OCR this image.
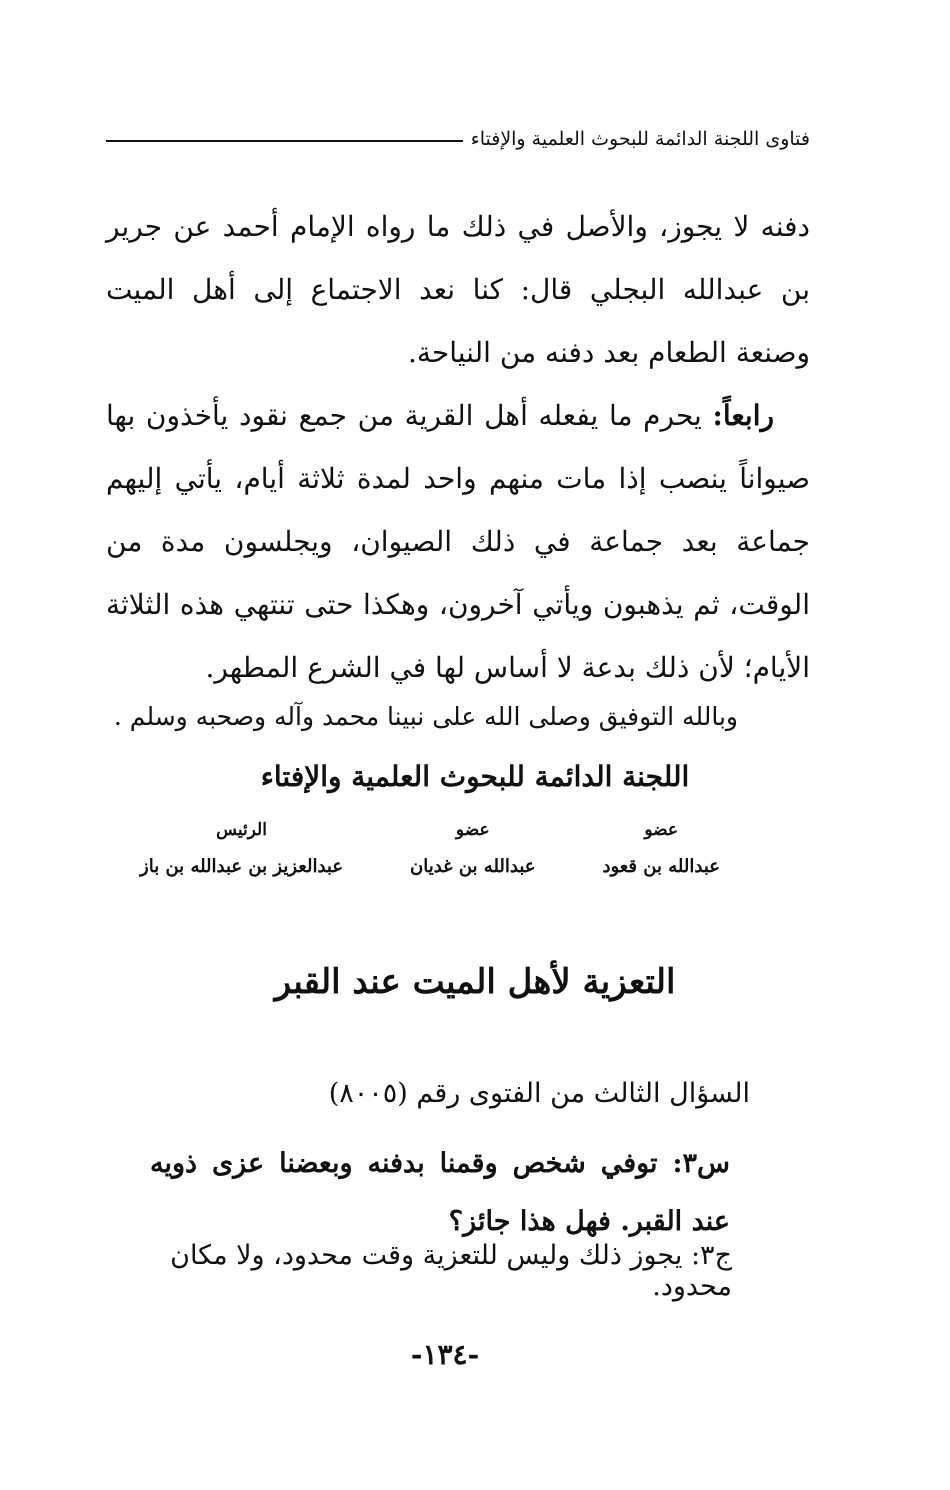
فتاوى اللجنة الدائمة للبحوث العلمية والإفتاء

دفنه لا يجوز، والأصل في ذلك ما رواه الإمام أحمد عن جرير بن عبدالله البجلي قال: كنا نعد الاجتماع إلى أهل الميت وصنعة الطعام بعد دفنه من النياحة.

رابعاً: يحرم ما يفعله أهل القرية من جمع نقود يأخذون بها صيواناً ينصب إذا مات منهم واحد لمدة ثلاثة أيام، يأتي إليهم جماعة بعد جماعة في ذلك الصيوان، ويجلسون مدة من الوقت، ثم يذهبون ويأتي آخرون، وهكذا حتى تنتهي هذه الثلاثة الأيام؛ لأن ذلك بدعة لا أساس لها في الشرع المطهر.

وبالله التوفيق وصلى الله على نبينا محمد وآله وصحبه وسلم .
اللجنة الدائمة للبحوث العلمية والإفتاء
عضو
عبدالله بن قعود
عضو
عبدالله بن غديان
الرئيس
عبدالعزيز بن عبدالله بن باز
التعزية لأهل الميت عند القبر
السؤال الثالث من الفتوى رقم (٨٠٠٥)
س٣: توفي شخص وقمنا بدفنه وبعضنا عزى ذويه عند القبر. فهل هذا جائز؟
ج٣: يجوز ذلك وليس للتعزية وقت محدود، ولا مكان محدود.
-١٣٤-
